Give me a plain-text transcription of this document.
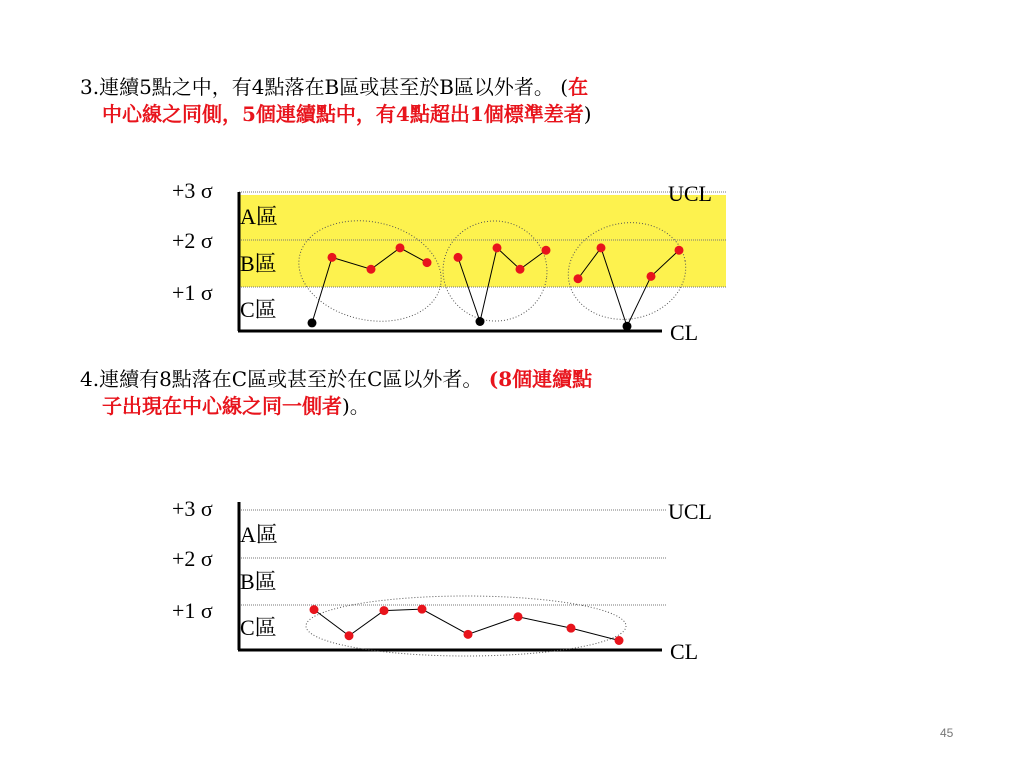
3.連續5點之中，有4點落在B區或甚至於B區以外者。 (在
中心線之同側，5個連續點中，有4點超出1個標準差者)
+3 σ
+2 σ
+1 σ
A區
B區
C區
UCL
CL
4.連續有8點落在C區或甚至於在C區以外者。 (8個連續點
子出現在中心線之同一側者)。
+3 σ
+2 σ
+1 σ
A區
B區
C區
UCL
CL
45
